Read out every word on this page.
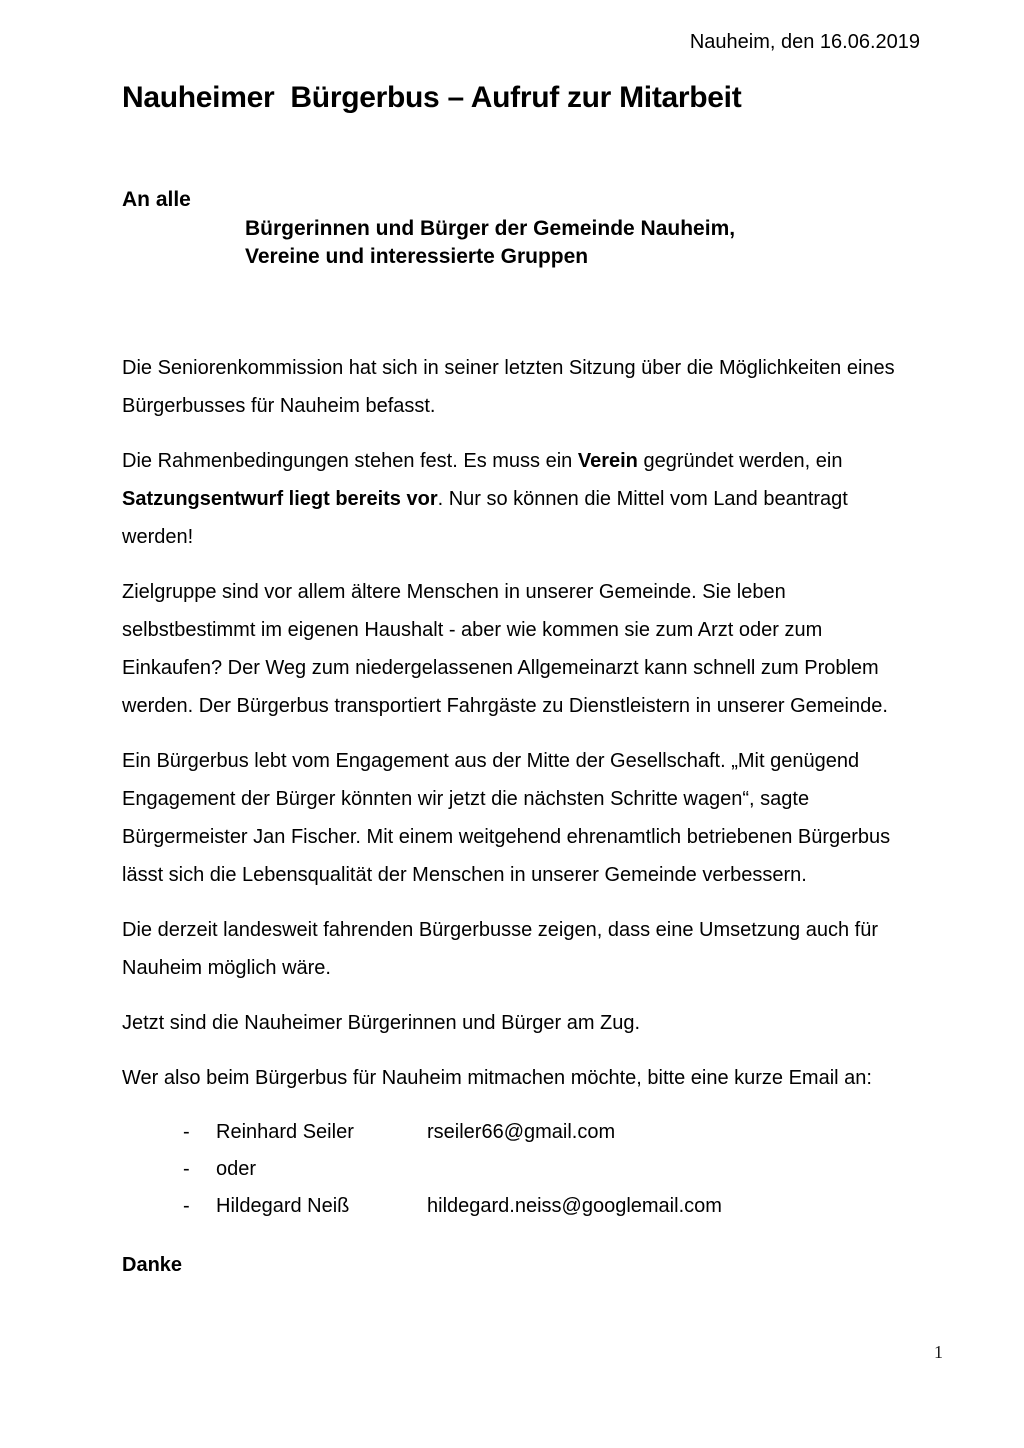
Nauheim, den 16.06.2019
Nauheimer  Bürgerbus – Aufruf zur Mitarbeit
An alle
Bürgerinnen und Bürger der Gemeinde Nauheim,
Vereine und interessierte Gruppen

Die Seniorenkommission hat sich in seiner letzten Sitzung über die Möglichkeiten eines Bürgerbusses für Nauheim befasst.

Die Rahmenbedingungen stehen fest. Es muss ein Verein gegründet werden, ein Satzungsentwurf liegt bereits vor. Nur so können die Mittel vom Land beantragt werden!

Zielgruppe sind vor allem ältere Menschen in unserer Gemeinde. Sie leben selbstbestimmt im eigenen Haushalt - aber wie kommen sie zum Arzt oder zum Einkaufen? Der Weg zum niedergelassenen Allgemeinarzt kann schnell zum Problem werden. Der Bürgerbus transportiert Fahrgäste zu Dienstleistern in unserer Gemeinde.

Ein Bürgerbus lebt vom Engagement aus der Mitte der Gesellschaft. „Mit genügend Engagement der Bürger könnten wir jetzt die nächsten Schritte wagen“, sagte Bürgermeister Jan Fischer. Mit einem weitgehend ehrenamtlich betriebenen Bürgerbus lässt sich die Lebensqualität der Menschen in unserer Gemeinde verbessern.

Die derzeit landesweit fahrenden Bürgerbusse zeigen, dass eine Umsetzung auch für Nauheim möglich wäre.

Jetzt sind die Nauheimer Bürgerinnen und Bürger am Zug.

Wer also beim Bürgerbus für Nauheim mitmachen möchte, bitte eine kurze Email an:

-	Reinhard Seiler	rseiler66@gmail.com
-	oder
-	Hildegard Neiß	hildegard.neiss@googlemail.com
Danke
1
